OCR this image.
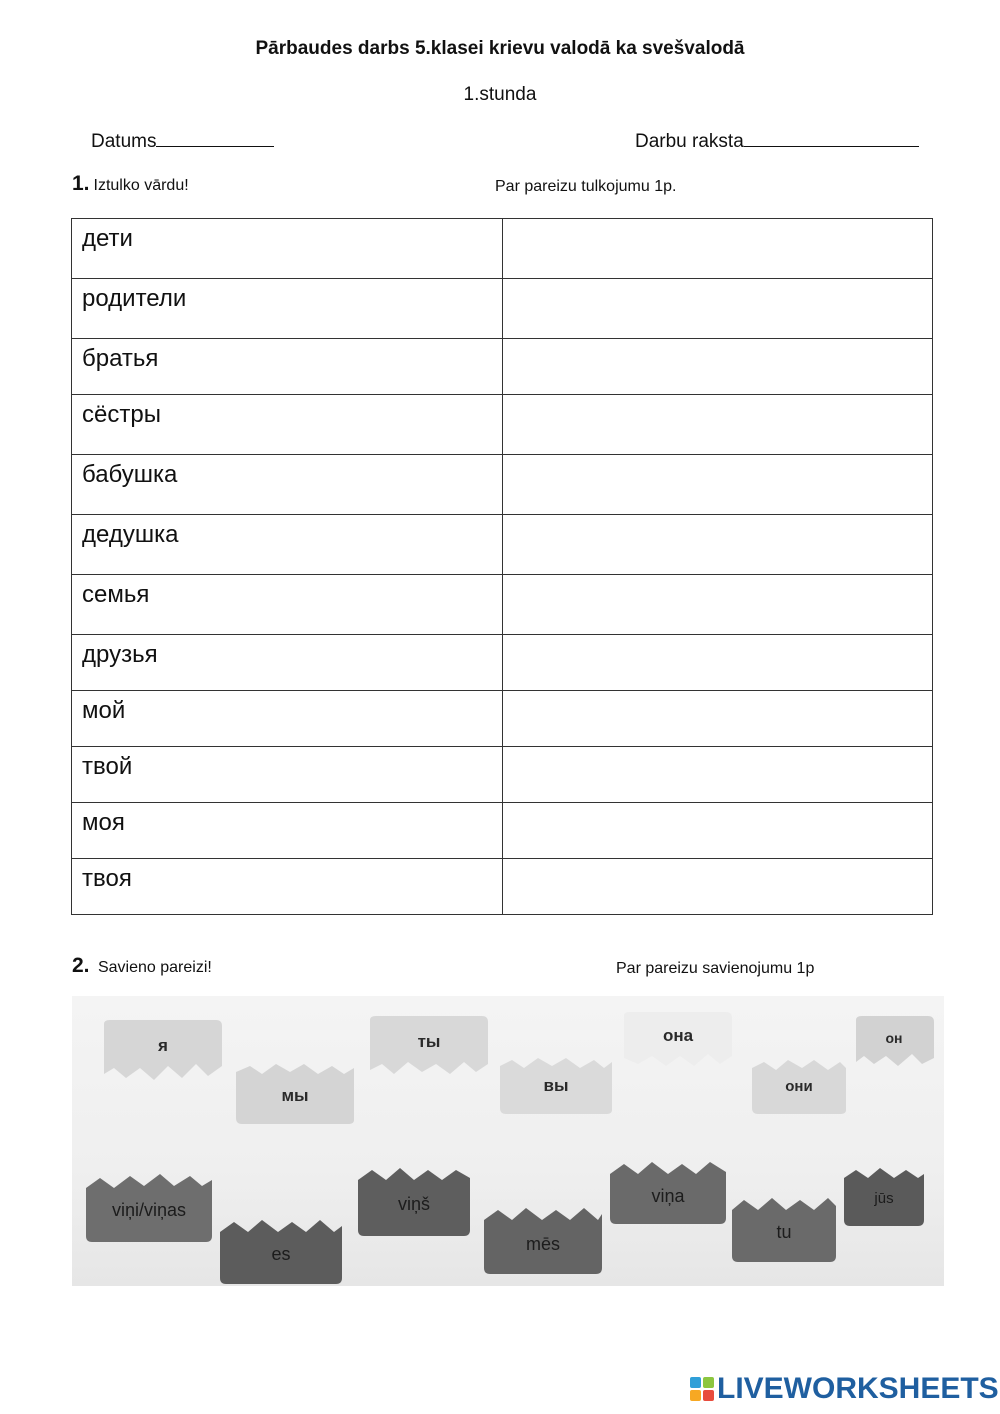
Pārbaudes darbs 5.klasei krievu valodā ka svešvalodā
1.stunda
Datums	Darbu raksta
1. Iztulko vārdu!	Par pareizu tulkojumu 1p.
дети	
родители	
братья	
сёстры	
бабушка	
дедушка	
семья	
друзья	
мой	
твой	
моя	
твоя	
2. Savieno pareizi!	Par pareizu savienojumu 1p
я	ты	она	он
мы
вы	они
viņi/viņas	viņš	viņa	jūs
es	mēs
tu
LIVEWORKSHEETS
